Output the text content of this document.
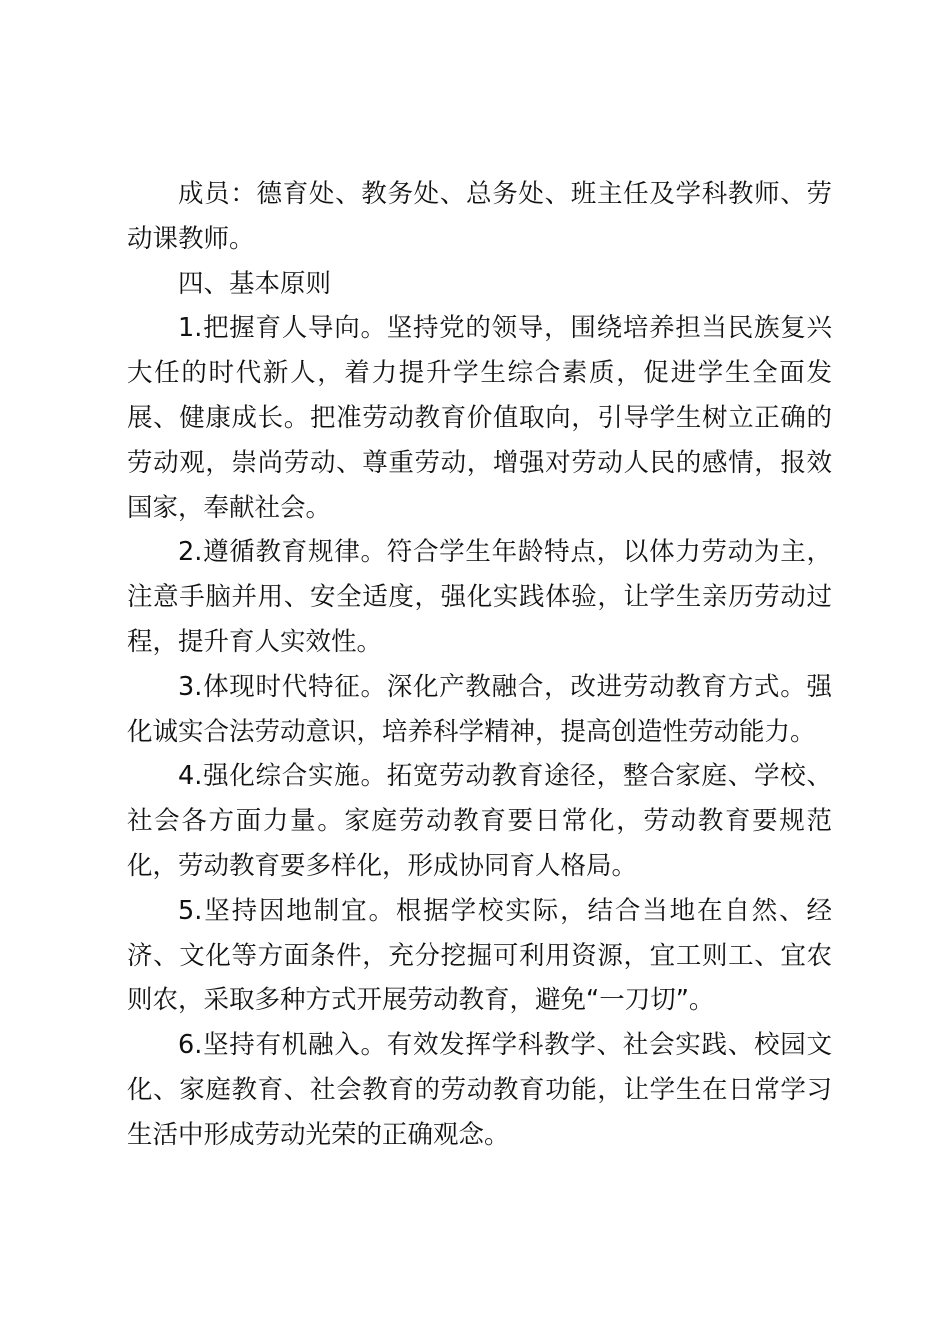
成员：德育处、教务处、总务处、班主任及学科教师、劳动课教师。

四、基本原则

1.把握育人导向。坚持党的领导，围绕培养担当民族复兴大任的时代新人，着力提升学生综合素质，促进学生全面发展、健康成长。把准劳动教育价值取向，引导学生树立正确的劳动观，崇尚劳动、尊重劳动，增强对劳动人民的感情，报效国家，奉献社会。

2.遵循教育规律。符合学生年龄特点，以体力劳动为主，注意手脑并用、安全适度，强化实践体验，让学生亲历劳动过程，提升育人实效性。

3.体现时代特征。深化产教融合，改进劳动教育方式。强化诚实合法劳动意识，培养科学精神，提高创造性劳动能力。

4.强化综合实施。拓宽劳动教育途径，整合家庭、学校、社会各方面力量。家庭劳动教育要日常化，劳动教育要规范化，劳动教育要多样化，形成协同育人格局。

5.坚持因地制宜。根据学校实际，结合当地在自然、经济、文化等方面条件，充分挖掘可利用资源，宜工则工、宜农则农，采取多种方式开展劳动教育，避免“一刀切”。

6.坚持有机融入。有效发挥学科教学、社会实践、校园文化、家庭教育、社会教育的劳动教育功能，让学生在日常学习生活中形成劳动光荣的正确观念。
